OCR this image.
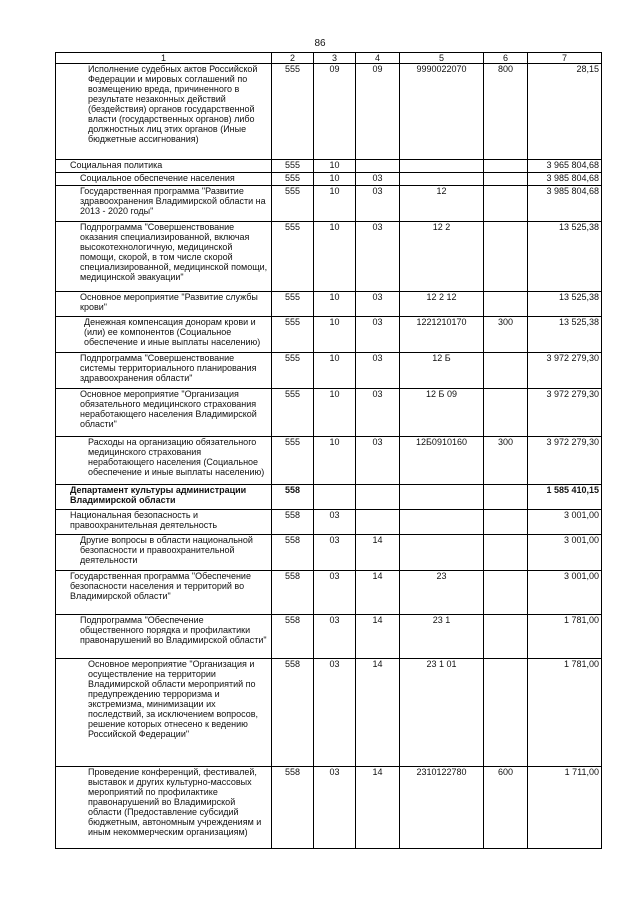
86
1	2	3	4	5	6	7
Исполнение судебных актов Российской Федерации и мировых соглашений по возмещению вреда, причиненного в результате незаконных действий (бездействия) органов государственной власти (государственных органов) либо должностных лиц этих органов (Иные бюджетные ассигнования)	555	09	09	9990022070	800	28,15
Социальная политика	555	10				3 965 804,68
Социальное обеспечение населения	555	10	03			3 985 804,68
Государственная программа "Развитие здравоохранения Владимирской области на 2013 - 2020 годы"	555	10	03	12		3 985 804,68
Подпрограмма "Совершенствование оказания специализированной, включая высокотехнологичную, медицинской помощи, скорой, в том числе скорой специализированной, медицинской помощи, медицинской эвакуации"	555	10	03	12 2		13 525,38
Основное мероприятие "Развитие службы крови"	555	10	03	12 2 12		13 525,38
Денежная компенсация донорам крови и (или) ее компонентов (Социальное обеспечение и иные выплаты населению)	555	10	03	1221210170	300	13 525,38
Подпрограмма "Совершенствование системы территориального планирования здравоохранения области"	555	10	03	12 Б		3 972 279,30
Основное мероприятие "Организация обязательного медицинского страхования неработающего населения Владимирской области"	555	10	03	12 Б 09		3 972 279,30
Расходы на организацию обязательного медицинского страхования неработающего населения (Социальное обеспечение и иные выплаты населению)	555	10	03	12Б0910160	300	3 972 279,30
Департамент культуры администрации Владимирской области	558					1 585 410,15
Национальная безопасность и правоохранительная деятельность	558	03				3 001,00
Другие вопросы в области национальной безопасности и правоохранительной деятельности	558	03	14			3 001,00
Государственная программа "Обеспечение безопасности населения и территорий во Владимирской области"	558	03	14	23		3 001,00
Подпрограмма "Обеспечение общественного порядка и профилактики правонарушений во Владимирской области"	558	03	14	23 1		1 781,00
Основное мероприятие "Организация и осуществление на территории Владимирской области мероприятий по предупреждению терроризма и экстремизма, минимизации их последствий, за исключением вопросов, решение которых отнесено к ведению Российской Федерации"	558	03	14	23 1 01		1 781,00
Проведение конференций, фестивалей, выставок и других культурно-массовых мероприятий по профилактике правонарушений во Владимирской области (Предоставление субсидий бюджетным, автономным учреждениям и иным некоммерческим организациям)	558	03	14	2310122780	600	1 711,00
